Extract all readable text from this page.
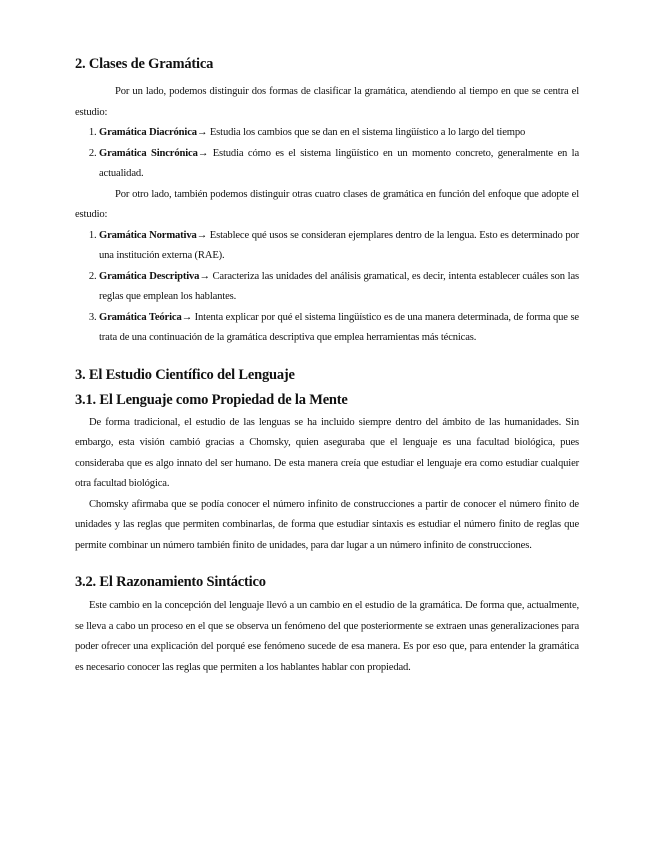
2. Clases de Gramática

Por un lado, podemos distinguir dos formas de clasificar la gramática, atendiendo al tiempo en que se centra el estudio:

1. Gramática Diacrónica→ Estudia los cambios que se dan en el sistema lingüístico a lo largo del tiempo
2. Gramática Sincrónica→ Estudia cómo es el sistema lingüístico en un momento concreto, generalmente en la actualidad.

Por otro lado, también podemos distinguir otras cuatro clases de gramática en función del enfoque que adopte el estudio:

1. Gramática Normativa→ Establece qué usos se consideran ejemplares dentro de la lengua. Esto es determinado por una institución externa (RAE).
2. Gramática Descriptiva→ Caracteriza las unidades del análisis gramatical, es decir, intenta establecer cuáles son las reglas que emplean los hablantes.
3. Gramática Teórica→ Intenta explicar por qué el sistema lingüístico es de una manera determinada, de forma que se trata de una continuación de la gramática descriptiva que emplea herramientas más técnicas.
3. El Estudio Científico del Lenguaje
3.1. El Lenguaje como Propiedad de la Mente

De forma tradicional, el estudio de las lenguas se ha incluido siempre dentro del ámbito de las humanidades. Sin embargo, esta visión cambió gracias a Chomsky, quien aseguraba que el lenguaje es una facultad biológica, pues consideraba que es algo innato del ser humano. De esta manera creía que estudiar el lenguaje era como estudiar cualquier otra facultad biológica.

Chomsky afirmaba que se podía conocer el número infinito de construcciones a partir de conocer el número finito de unidades y las reglas que permiten combinarlas, de forma que estudiar sintaxis es estudiar el número finito de reglas que permite combinar un número también finito de unidades, para dar lugar a un número infinito de construcciones.

3.2. El Razonamiento Sintáctico

Este cambio en la concepción del lenguaje llevó a un cambio en el estudio de la gramática. De forma que, actualmente, se lleva a cabo un proceso en el que se observa un fenómeno del que posteriormente se extraen unas generalizaciones para poder ofrecer una explicación del porqué ese fenómeno sucede de esa manera. Es por eso que, para entender la gramática es necesario conocer las reglas que permiten a los hablantes hablar con propiedad.
